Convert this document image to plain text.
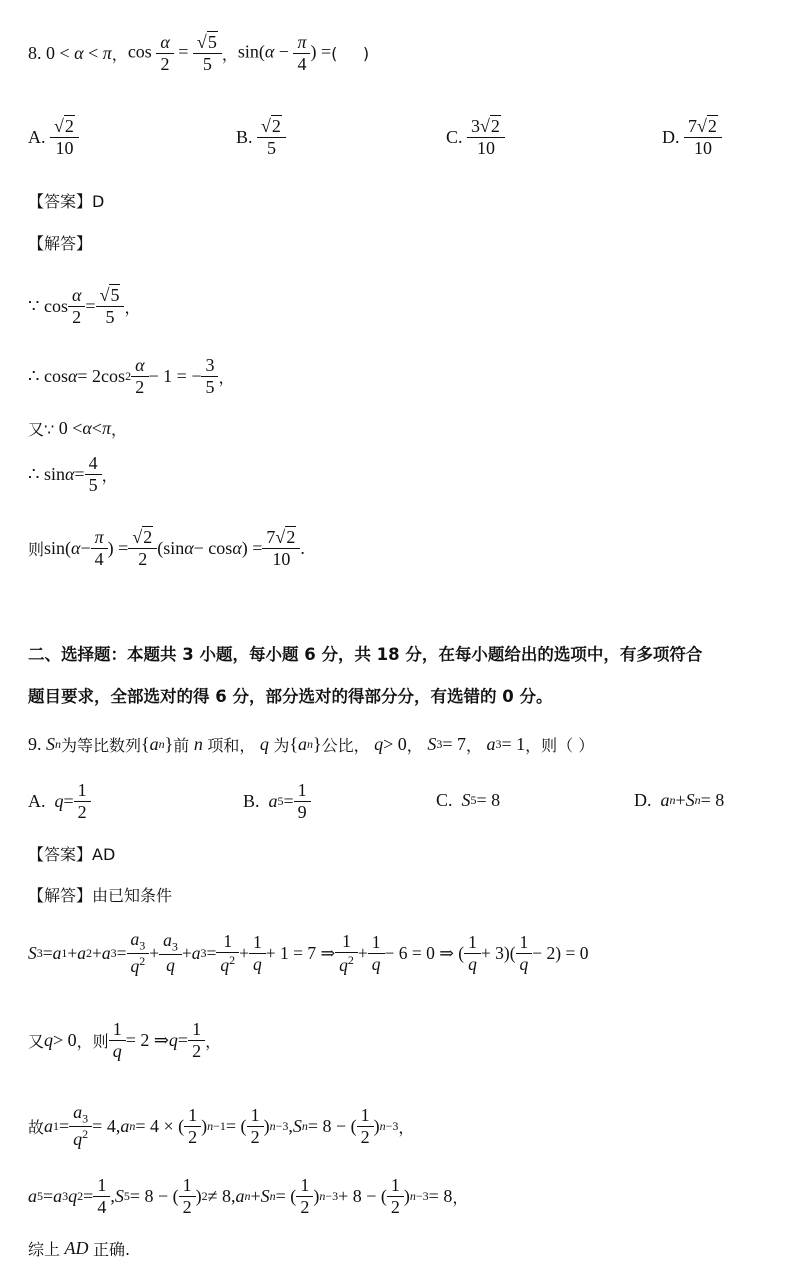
8.
0 < α < π ， $\cos \frac{\alpha}{2} = \frac{√5}{5}$ ， $\sin(\alpha - \frac{\pi}{4}$ ) = (
)
A.
$\frac{√2}{10}$	B.
$\frac{√2}{5}$	C.
$\frac{3√2}{10}$	D.
$\frac{7√2}{10}$
【答案】D
【解答】
∵ $\cos \frac{\alpha}{2} = \frac{√5}{5}$ ，
∴ cos α = 2cos $2 \frac{\alpha}{2} - 1$ = − $\frac{3}{5}$ ，
又∵ 0 < α < π ，
∴ $\sin \alpha = \frac{4}{5}$ ，
则 sin( $\alpha - \frac{\pi}{4}$ ) = $\frac{√2}{2} (\sin$ α − cos α ) = $\frac{7√2}{10}$ .
二、选择题：本题共 3 小题，每小题 6 分，共 18 分，在每小题给出的选项中，有多项符合
题目要求，全部选对的得 6 分，部分选对的得部分分，有选错的 0 分。
9.
S n 为等比数列 { a n } 前
n
项和，
q
为 { a n } 公比，
q > 0 ，
S 3 = 7 ，
a 3 = 1 ，则（ ）
A.
$q = \frac{1}{2}$	B.
a $5 = \frac{1}{9}$	C.
S 5 = 8	D.
a n + S n = 8
【答案】AD
【解答】由已知条件
S 3 = a 1 + a 2 + a $3 = \frac{a_3}{q^2} + \frac{a_3}{q} + a$ $3 = \frac{1}{q^2} + \frac{1}{q} + 1 = 7$ ⇒ $\frac{1}{q^2} + \frac{1}{q} - 6 = 0$ ⇒ ( $\frac{1}{q} + 3)( \frac{1}{q} - 2) = 0$
又 q > 0 ，则 $\frac{1}{q} = 2$ ⇒ $q = \frac{1}{2}$ ，
故 a $1 = \frac{a_3}{q^2} = 4$, a n = 4 × ( $\frac{1}{2}$ ) n−1 = ( $\frac{1}{2}$ ) n−3 , S n = 8 − ( $\frac{1}{2}$ ) n−3 ，
a 5 = a 3 q $2 = \frac{1}{4}$ , S 5 = 8 − ( $\frac{1}{2}$ ) 2 ≠ 8, a n + S n = ( $\frac{1}{2}$ ) n−3 + 8 − ( $\frac{1}{2}$ ) n−3 = 8 ，
综上
AD
正确.
